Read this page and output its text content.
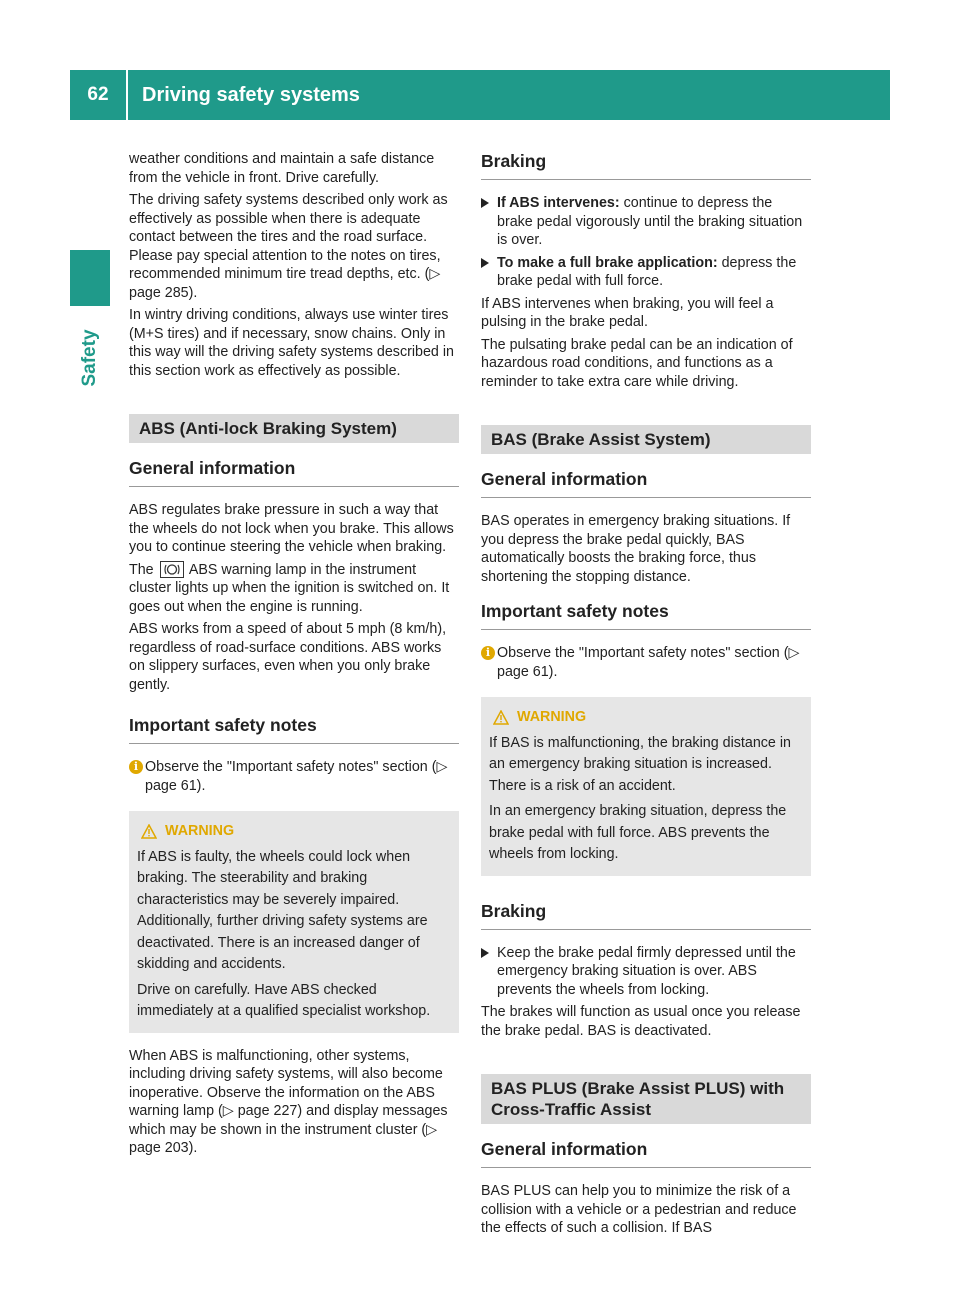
62	Driving safety systems
Safety

weather conditions and maintain a safe distance from the vehicle in front. Drive carefully.

The driving safety systems described only work as effectively as possible when there is adequate contact between the tires and the road surface. Please pay special attention to the notes on tires, recommended minimum tire tread depths, etc. (▷ page 285).

In wintry driving conditions, always use winter tires (M+S tires) and if necessary, snow chains. Only in this way will the driving safety systems described in this section work as effectively as possible.

ABS (Anti-lock Braking System)
General information

ABS regulates brake pressure in such a way that the wheels do not lock when you brake. This allows you to continue steering the vehicle when braking.

The ABS warning lamp in the instrument cluster lights up when the ignition is switched on. It goes out when the engine is running.

ABS works from a speed of about 5 mph (8 km/h), regardless of road-surface conditions. ABS works on slippery surfaces, even when you only brake gently.

Important safety notes
i Observe the "Important safety notes" section (▷ page 61).
WARNING

If ABS is faulty, the wheels could lock when braking. The steerability and braking characteristics may be severely impaired. Additionally, further driving safety systems are deactivated. There is an increased danger of skidding and accidents.

Drive on carefully. Have ABS checked immediately at a qualified specialist workshop.

When ABS is malfunctioning, other systems, including driving safety systems, will also become inoperative. Observe the information on the ABS warning lamp (▷ page 227) and display messages which may be shown in the instrument cluster (▷ page 203).

Braking
If ABS intervenes: continue to depress the brake pedal vigorously until the braking situation is over.
To make a full brake application: depress the brake pedal with full force.

If ABS intervenes when braking, you will feel a pulsing in the brake pedal.

The pulsating brake pedal can be an indication of hazardous road conditions, and functions as a reminder to take extra care while driving.

BAS (Brake Assist System)
General information

BAS operates in emergency braking situations. If you depress the brake pedal quickly, BAS automatically boosts the braking force, thus shortening the stopping distance.

Important safety notes
i Observe the "Important safety notes" section (▷ page 61).
WARNING

If BAS is malfunctioning, the braking distance in an emergency braking situation is increased. There is a risk of an accident.

In an emergency braking situation, depress the brake pedal with full force. ABS prevents the wheels from locking.

Braking
Keep the brake pedal firmly depressed until the emergency braking situation is over. ABS prevents the wheels from locking.

The brakes will function as usual once you release the brake pedal. BAS is deactivated.

BAS PLUS (Brake Assist PLUS) with
Cross-Traffic Assist
General information

BAS PLUS can help you to minimize the risk of a collision with a vehicle or a pedestrian and reduce the effects of such a collision. If BAS
